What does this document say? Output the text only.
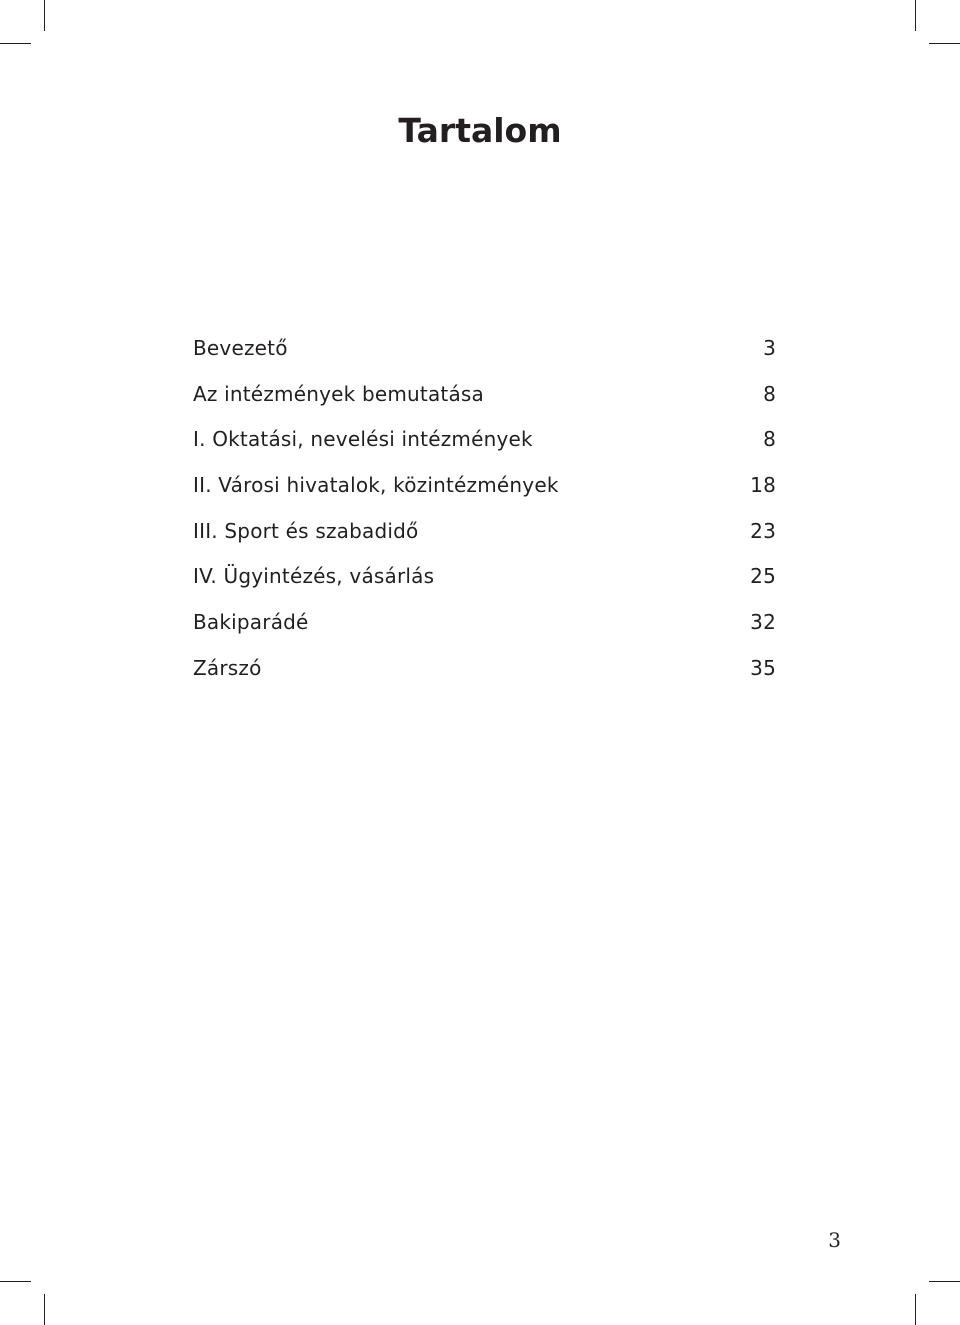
Tartalom
Bevezető	3
Az intézmények bemutatása	8
I. Oktatási, nevelési intézmények	8
II. Városi hivatalok, közintézmények	18
III. Sport és szabadidő	23
IV. Ügyintézés, vásárlás	25
Bakiparádé	32
Zárszó	35
3
